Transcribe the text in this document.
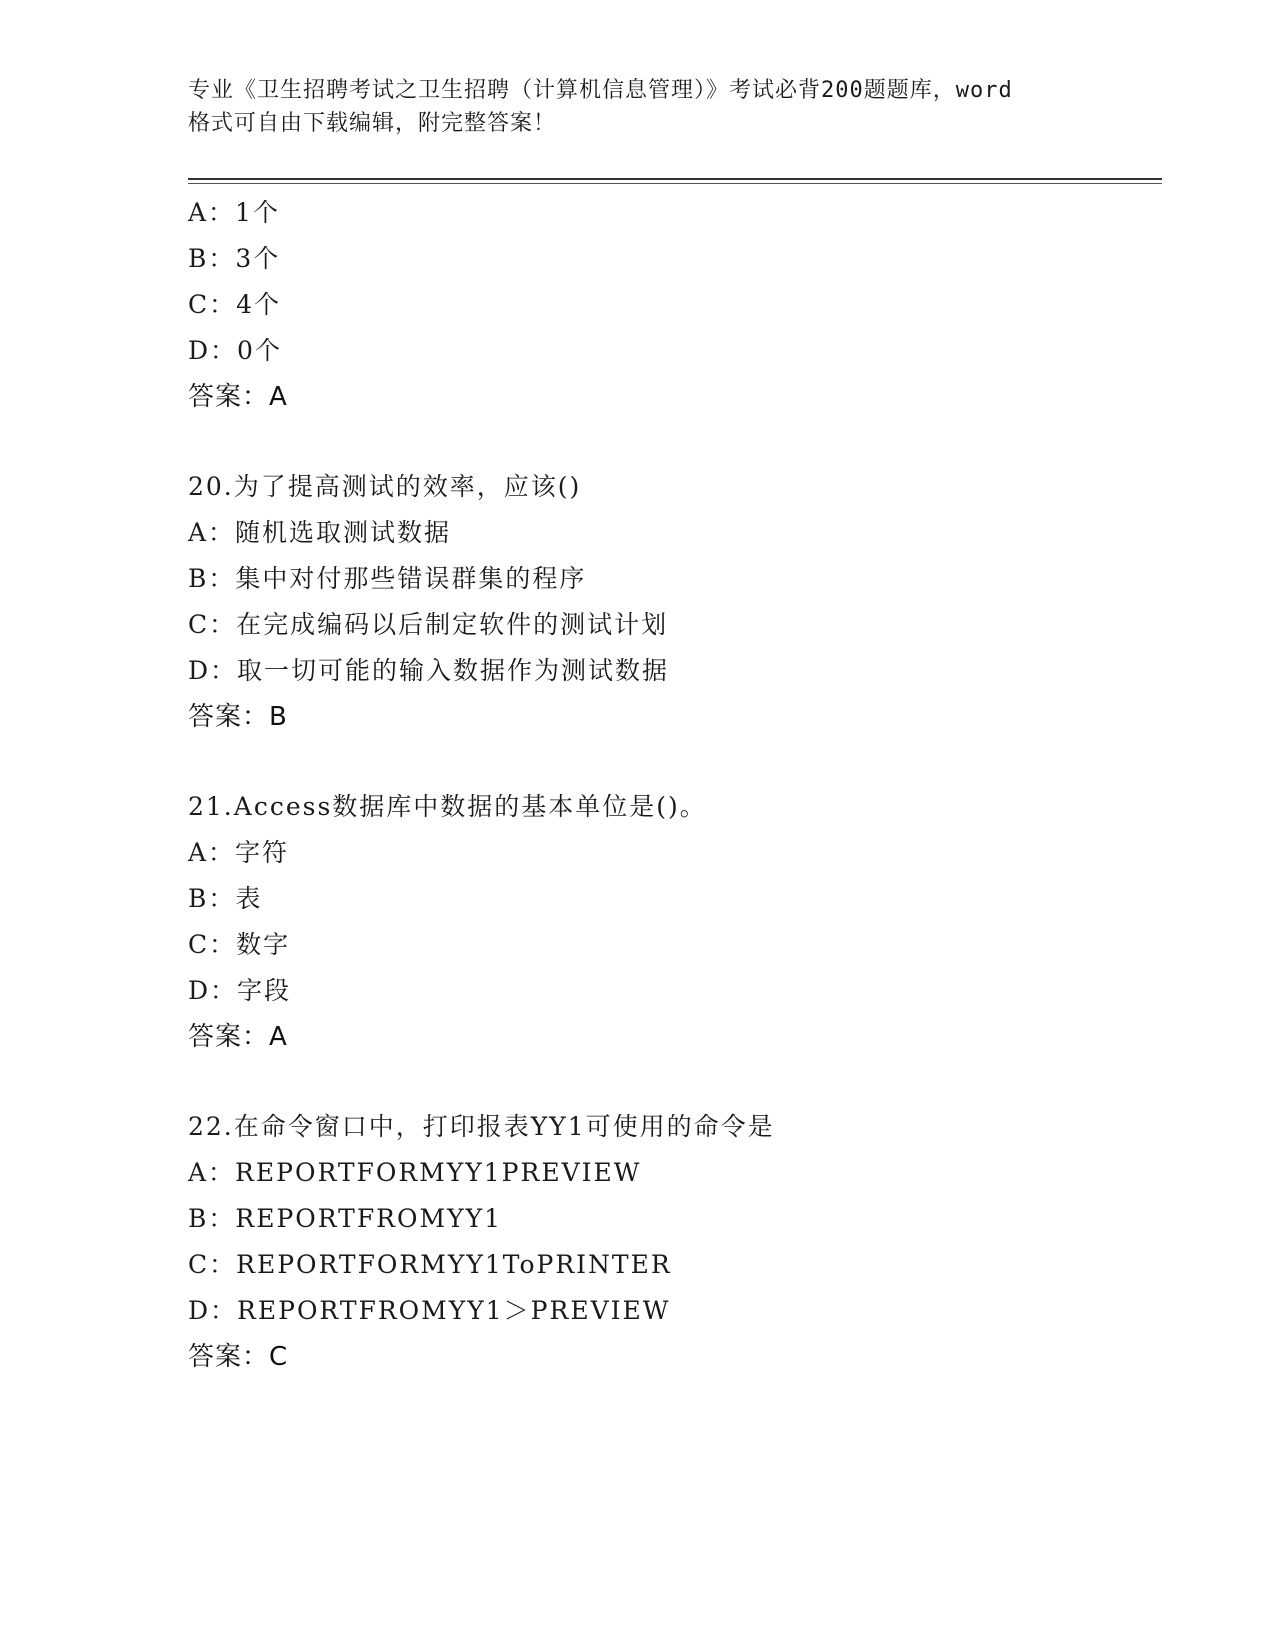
专业《卫生招聘考试之卫生招聘（计算机信息管理）》考试必背200题题库，word
格式可自由下载编辑，附完整答案！
A：1个
B：3个
C：4个
D：0个
答案：A
20.为了提高测试的效率，应该()
A：随机选取测试数据
B：集中对付那些错误群集的程序
C：在完成编码以后制定软件的测试计划
D：取一切可能的输入数据作为测试数据
答案：B
21.Access数据库中数据的基本单位是()。
A：字符
B：表
C：数字
D：字段
答案：A
22.在命令窗口中，打印报表YY1可使用的命令是
A：REPORTFORMYY1PREVIEW
B：REPORTFROMYY1
C：REPORTFORMYY1ToPRINTER
D：REPORTFROMYY1＞PREVIEW
答案：C
